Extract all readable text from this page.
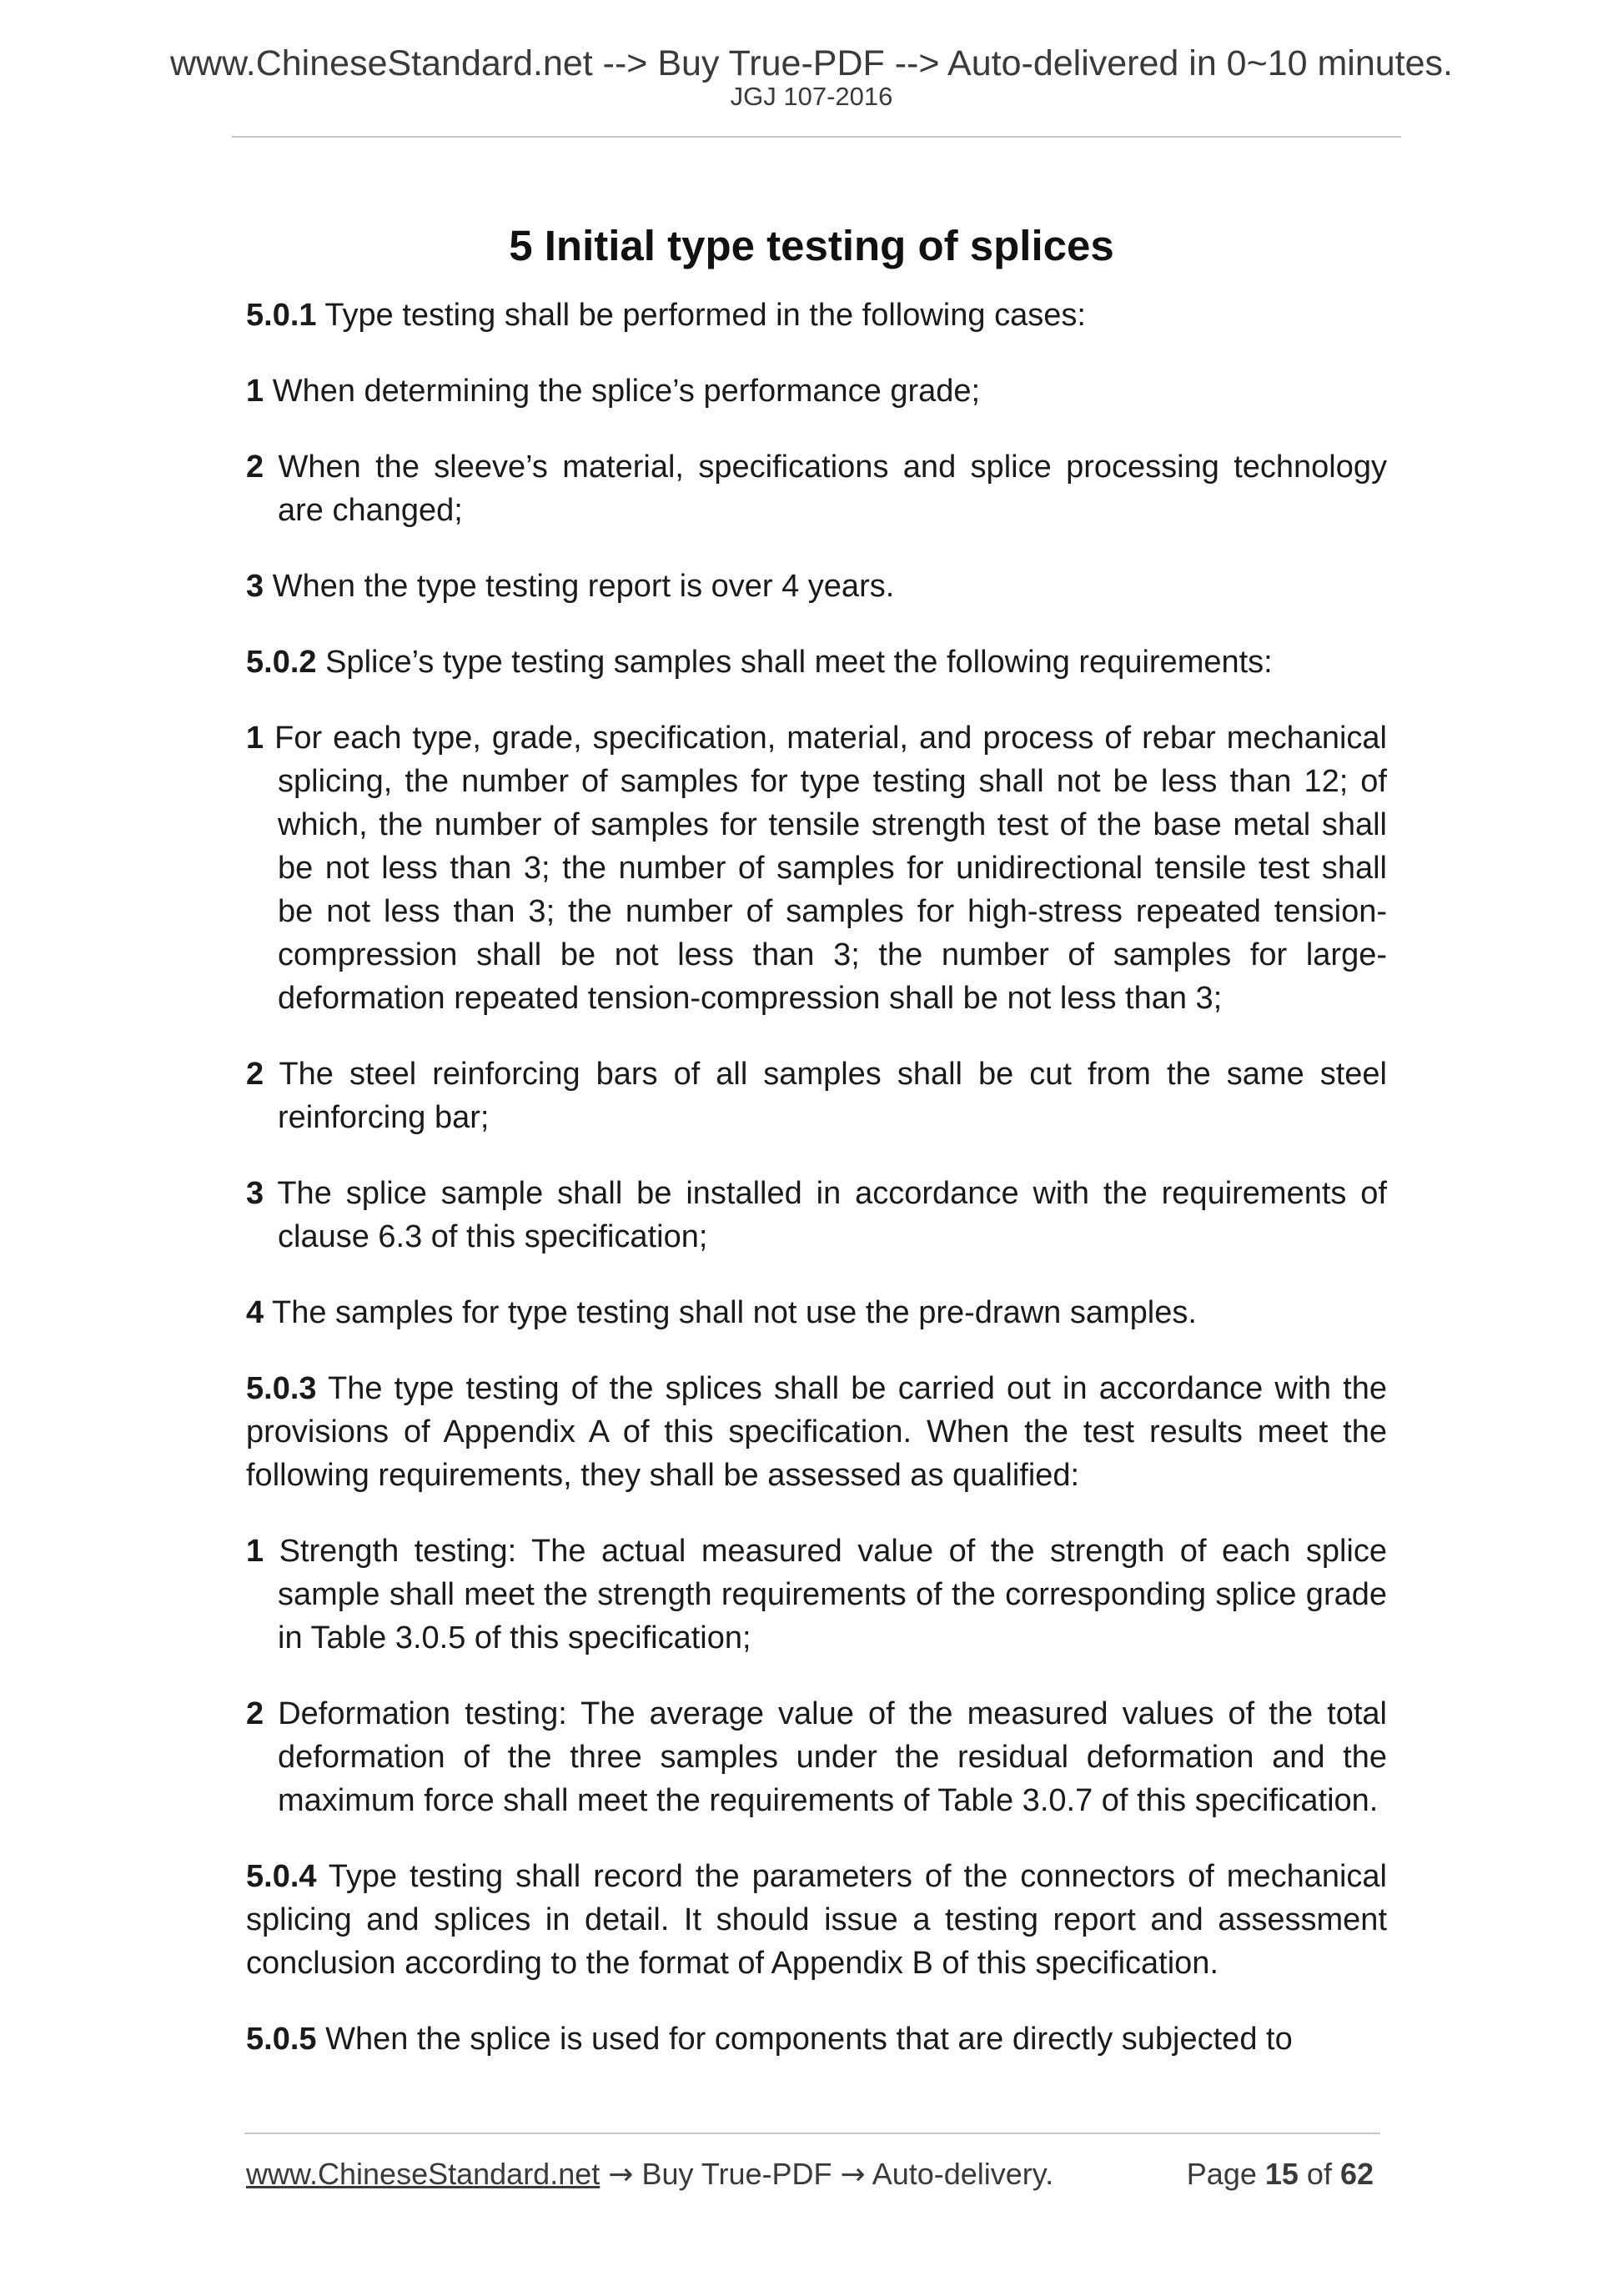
www.ChineseStandard.net --> Buy True-PDF --> Auto-delivered in 0~10 minutes.
JGJ 107-2016
5 Initial type testing of splices

5.0.1 Type testing shall be performed in the following cases:

1 When determining the splice’s performance grade;

2 When the sleeve’s material, specifications and splice processing technology are changed;

3 When the type testing report is over 4 years.

5.0.2 Splice’s type testing samples shall meet the following requirements:

1 For each type, grade, specification, material, and process of rebar mechanical splicing, the number of samples for type testing shall not be less than 12; of which, the number of samples for tensile strength test of the base metal shall be not less than 3; the number of samples for unidirectional tensile test shall be not less than 3; the number of samples for high-stress repeated tension-compression shall be not less than 3; the number of samples for large-deformation repeated tension-compression shall be not less than 3;

2 The steel reinforcing bars of all samples shall be cut from the same steel reinforcing bar;

3 The splice sample shall be installed in accordance with the requirements of clause 6.3 of this specification;

4 The samples for type testing shall not use the pre-drawn samples.

5.0.3 The type testing of the splices shall be carried out in accordance with the provisions of Appendix A of this specification. When the test results meet the following requirements, they shall be assessed as qualified:

1 Strength testing: The actual measured value of the strength of each splice sample shall meet the strength requirements of the corresponding splice grade in Table 3.0.5 of this specification;

2 Deformation testing: The average value of the measured values of the total deformation of the three samples under the residual deformation and the maximum force shall meet the requirements of Table 3.0.7 of this specification.

5.0.4 Type testing shall record the parameters of the connectors of mechanical splicing and splices in detail. It should issue a testing report and assessment conclusion according to the format of Appendix B of this specification.

5.0.5 When the splice is used for components that are directly subjected to

www.ChineseStandard.net → Buy True-PDF → Auto-delivery.	Page 15 of 62
